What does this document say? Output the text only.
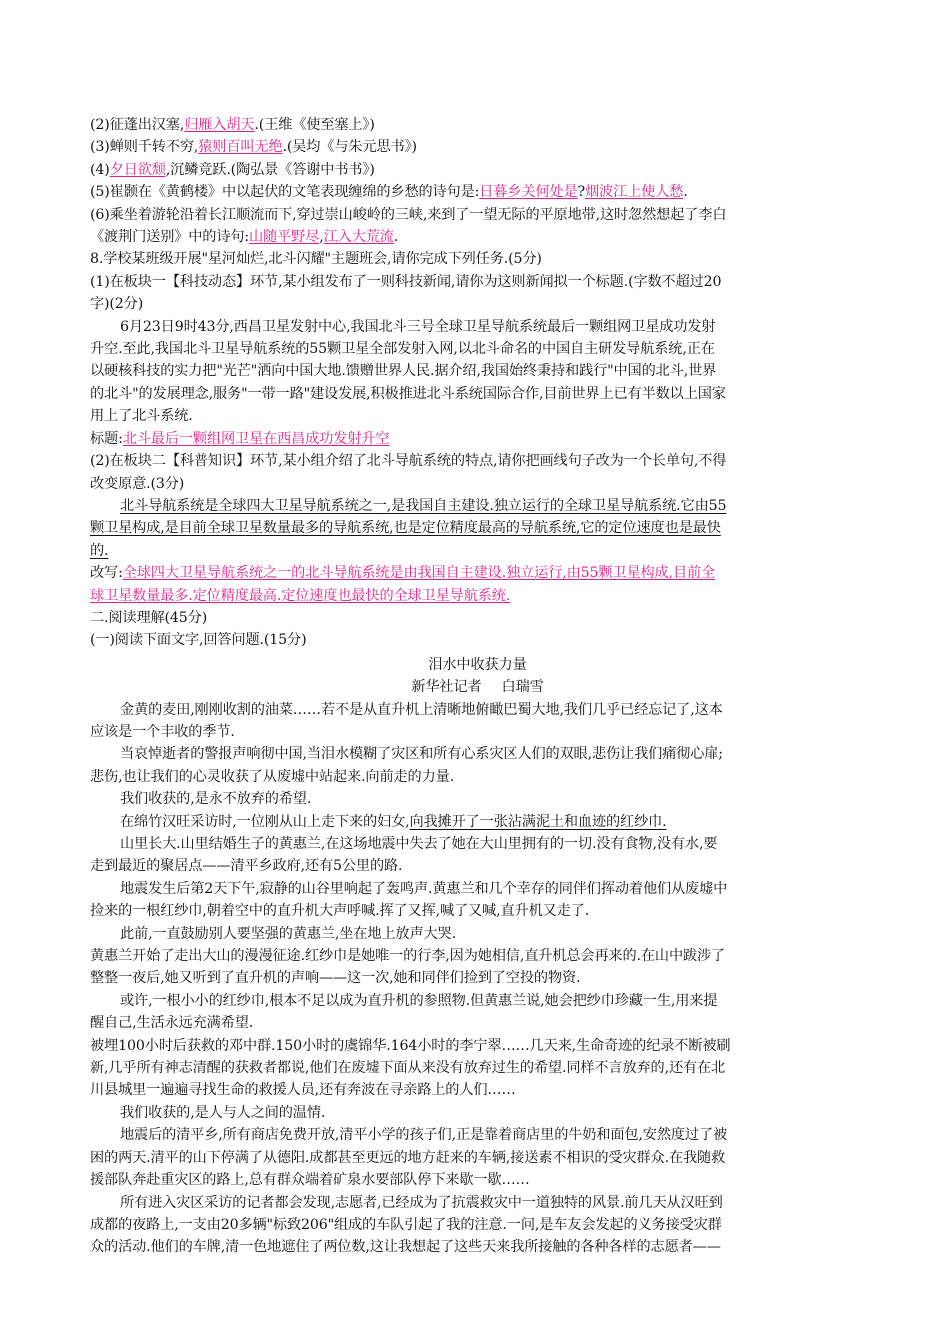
(2)征蓬出汉塞,归雁入胡天.(王维《使至塞上》)

(3)蝉则千转不穷,猿则百叫无绝.(吴均《与朱元思书》)

(4)夕日欲颓,沉鳞竞跃.(陶弘景《答谢中书书》)

(5)崔颢在《黄鹤楼》中以起伏的文笔表现缠绵的乡愁的诗句是:日暮乡关何处是?烟波江上使人愁.

(6)乘坐着游轮沿着长江顺流而下,穿过崇山峻岭的三峡,来到了一望无际的平原地带,这时忽然想起了李白

《渡荆门送别》中的诗句:山随平野尽,江入大荒流.

8.学校某班级开展"星河灿烂,北斗闪耀"主题班会,请你完成下列任务.(5分)

(1)在板块一【科技动态】环节,某小组发布了一则科技新闻,请你为这则新闻拟一个标题.(字数不超过20

字)(2分)

6月23日9时43分,西昌卫星发射中心,我国北斗三号全球卫星导航系统最后一颗组网卫星成功发射

升空.至此,我国北斗卫星导航系统的55颗卫星全部发射入网,以北斗命名的中国自主研发导航系统,正在

以硬核科技的实力把"光芒"洒向中国大地.馈赠世界人民.据介绍,我国始终秉持和践行"中国的北斗,世界

的北斗"的发展理念,服务"一带一路"建设发展,积极推进北斗系统国际合作,目前世界上已有半数以上国家

用上了北斗系统.

标题:北斗最后一颗组网卫星在西昌成功发射升空

(2)在板块二【科普知识】环节,某小组介绍了北斗导航系统的特点,请你把画线句子改为一个长单句,不得

改变原意.(3分)

北斗导航系统是全球四大卫星导航系统之一,是我国自主建设.独立运行的全球卫星导航系统.它由55

颗卫星构成,是目前全球卫星数量最多的导航系统,也是定位精度最高的导航系统,它的定位速度也是最快

的.

改写:全球四大卫星导航系统之一的北斗导航系统是由我国自主建设.独立运行,由55颗卫星构成,目前全

球卫星数量最多.定位精度最高.定位速度也最快的全球卫星导航系统.

二.阅读理解(45分)

(一)阅读下面文字,回答问题.(15分)

泪水中收获力量

新华社记者 白瑞雪

金黄的麦田,刚刚收割的油菜……若不是从直升机上清晰地俯瞰巴蜀大地,我们几乎已经忘记了,这本

应该是一个丰收的季节.

当哀悼逝者的警报声响彻中国,当泪水模糊了灾区和所有心系灾区人们的双眼,悲伤让我们痛彻心扉;

悲伤,也让我们的心灵收获了从废墟中站起来.向前走的力量.

我们收获的,是永不放弃的希望.

在绵竹汉旺采访时,一位刚从山上走下来的妇女,向我摊开了一张沾满泥土和血迹的红纱巾.

山里长大.山里结婚生子的黄惠兰,在这场地震中失去了她在大山里拥有的一切.没有食物,没有水,要

走到最近的聚居点——清平乡政府,还有5公里的路.

地震发生后第2天下午,寂静的山谷里响起了轰鸣声.黄惠兰和几个幸存的同伴们挥动着他们从废墟中

捡来的一根红纱巾,朝着空中的直升机大声呼喊.挥了又挥,喊了又喊,直升机又走了.

此前,一直鼓励别人要坚强的黄惠兰,坐在地上放声大哭.

黄惠兰开始了走出大山的漫漫征途.红纱巾是她唯一的行李,因为她相信,直升机总会再来的.在山中跋涉了

整整一夜后,她又听到了直升机的声响——这一次,她和同伴们捡到了空投的物资.

或许,一根小小的红纱巾,根本不足以成为直升机的参照物.但黄惠兰说,她会把纱巾珍藏一生,用来提

醒自己,生活永远充满希望.

被埋100小时后获救的邓中群.150小时的虞锦华.164小时的李宁翠……几天来,生命奇迹的纪录不断被刷

新,几乎所有神志清醒的获救者都说,他们在废墟下面从来没有放弃过生的希望.同样不言放弃的,还有在北

川县城里一遍遍寻找生命的救援人员,还有奔波在寻亲路上的人们……

我们收获的,是人与人之间的温情.

地震后的清平乡,所有商店免费开放,清平小学的孩子们,正是靠着商店里的牛奶和面包,安然度过了被

困的两天.清平的山下停满了从德阳.成都甚至更远的地方赶来的车辆,接送素不相识的受灾群众.在我随救

援部队奔赴重灾区的路上,总有群众端着矿泉水要部队停下来歇一歇……

所有进入灾区采访的记者都会发现,志愿者,已经成为了抗震救灾中一道独特的风景.前几天从汉旺到

成都的夜路上,一支由20多辆"标致206"组成的车队引起了我的注意.一问,是车友会发起的义务接受灾群

众的活动.他们的车牌,清一色地遮住了两位数,这让我想起了这些天来我所接触的各种各样的志愿者——
